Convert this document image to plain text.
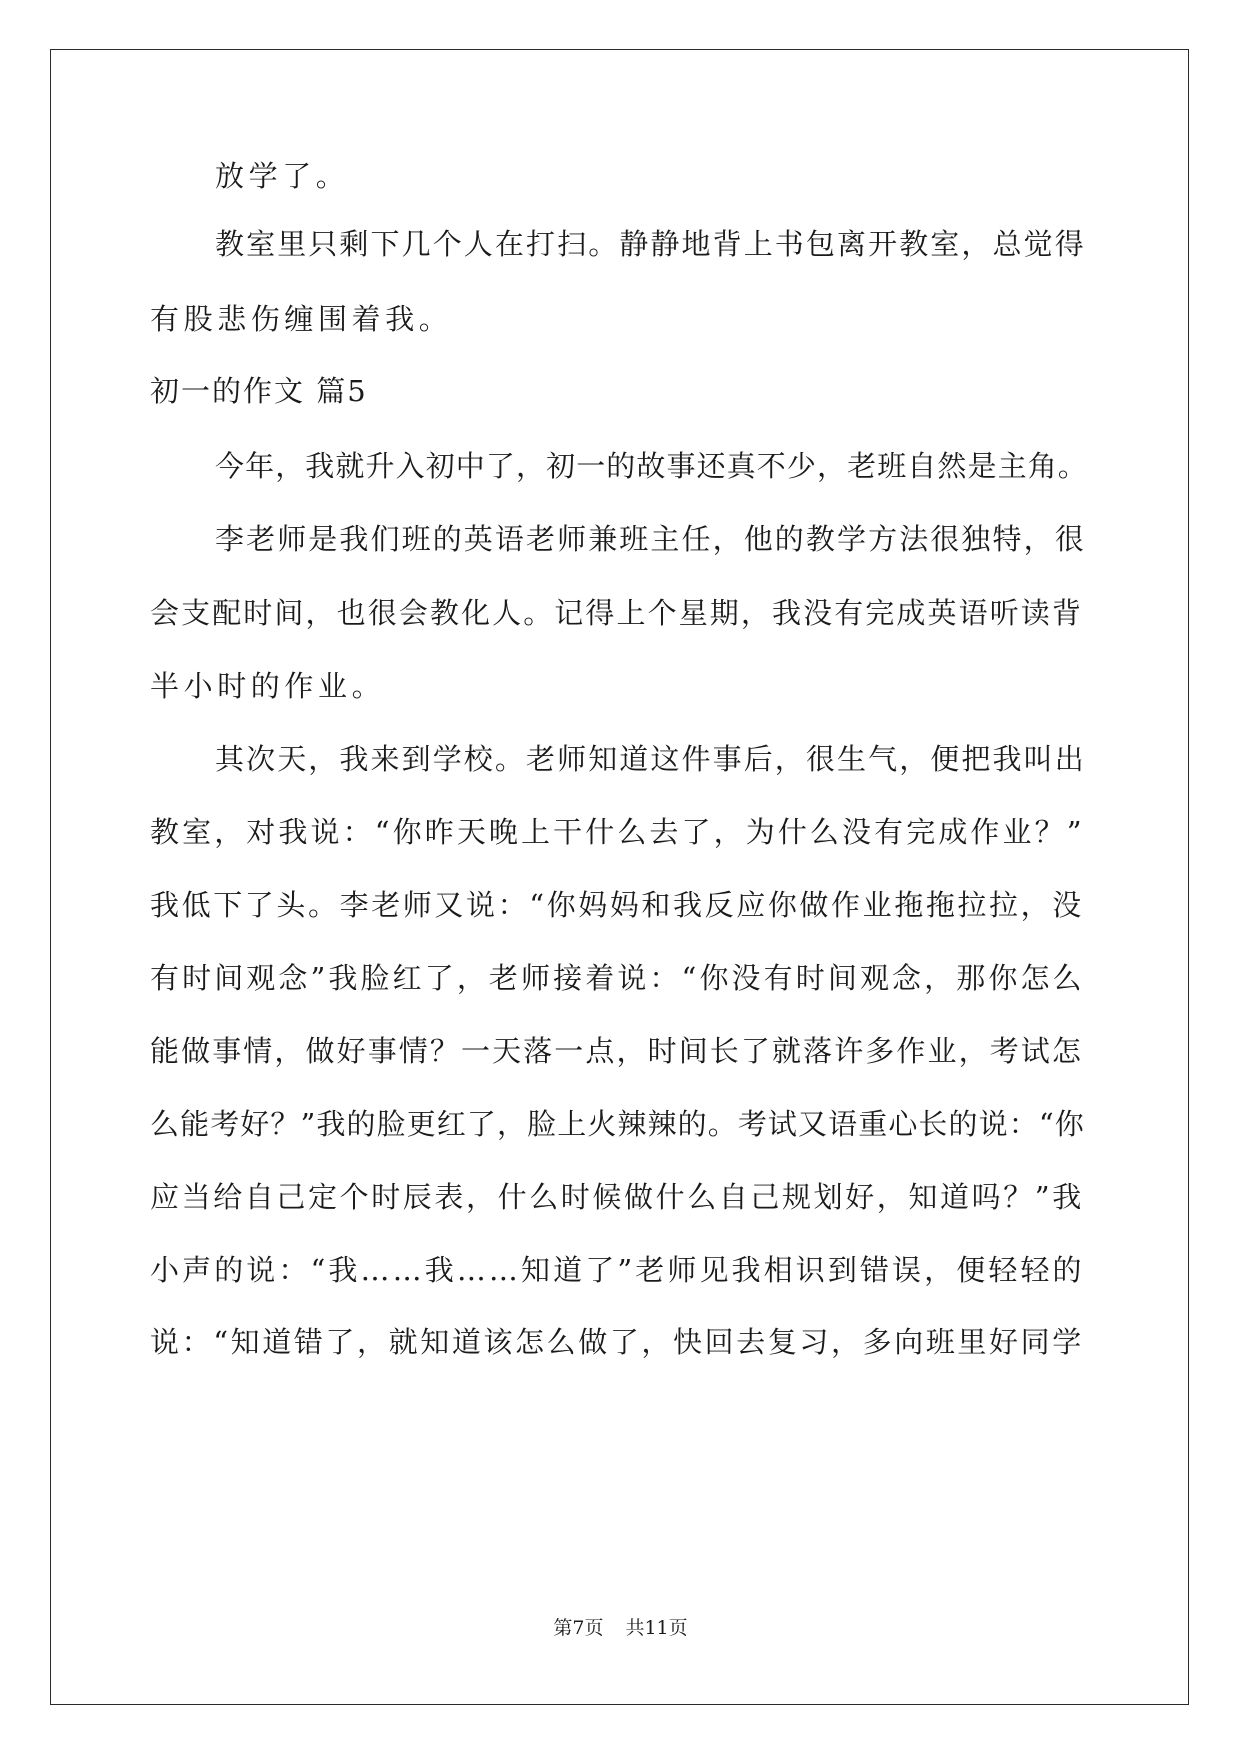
放学了。
教室里只剩下几个人在打扫。静静地背上书包离开教室，总觉得
有股悲伤缠围着我。
初一的作文 篇5
今年，我就升入初中了，初一的故事还真不少，老班自然是主角。
李老师是我们班的英语老师兼班主任，他的教学方法很独特，很
会支配时间，也很会教化人。记得上个星期，我没有完成英语听读背
半小时的作业。
其次天，我来到学校。老师知道这件事后，很生气，便把我叫出
教室，对我说：“你昨天晚上干什么去了，为什么没有完成作业？”
我低下了头。李老师又说：“你妈妈和我反应你做作业拖拖拉拉，没
有时间观念”我脸红了，老师接着说：“你没有时间观念，那你怎么
能做事情，做好事情？一天落一点，时间长了就落许多作业，考试怎
么能考好？”我的脸更红了，脸上火辣辣的。考试又语重心长的说：“你
应当给自己定个时辰表，什么时候做什么自己规划好，知道吗？”我
小声的说：“我……我……知道了”老师见我相识到错误，便轻轻的
说：“知道错了，就知道该怎么做了，快回去复习，多向班里好同学
第7页 共11页
